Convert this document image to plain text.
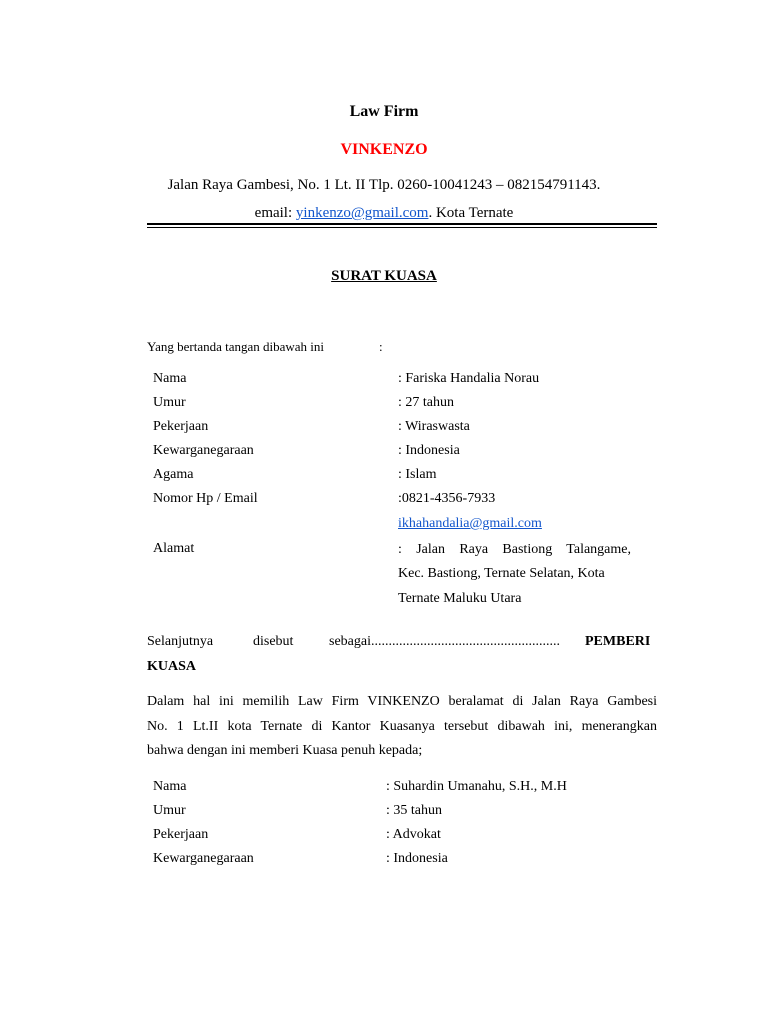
Law Firm
VINKENZO
Jalan Raya Gambesi, No. 1 Lt. II Tlp. 0260-10041243 – 082154791143.
email: yinkenzo@gmail.com. Kota Ternate
SURAT KUASA
Yang bertanda tangan dibawah ini	:
Nama	: Fariska Handalia Norau
Umur	: 27 tahun
Pekerjaan	: Wiraswasta
Kewarganegaraan	: Indonesia
Agama	: Islam
Nomor Hp / Email	:0821-4356-7933
ikhahandalia@gmail.com
Alamat	: Jalan Raya Bastiong Talangame,
Kec. Bastiong, Ternate Selatan, Kota
Ternate Maluku Utara
Selanjutnya	disebut	sebagai...................................................... PEMBERI
KUASA
Dalam hal ini memilih Law Firm VINKENZO beralamat di Jalan Raya Gambesi
No. 1 Lt.II kota Ternate di Kantor Kuasanya tersebut dibawah ini, menerangkan
bahwa dengan ini memberi Kuasa penuh kepada;
Nama	: Suhardin Umanahu, S.H., M.H
Umur	: 35 tahun
Pekerjaan	: Advokat
Kewarganegaraan	: Indonesia
